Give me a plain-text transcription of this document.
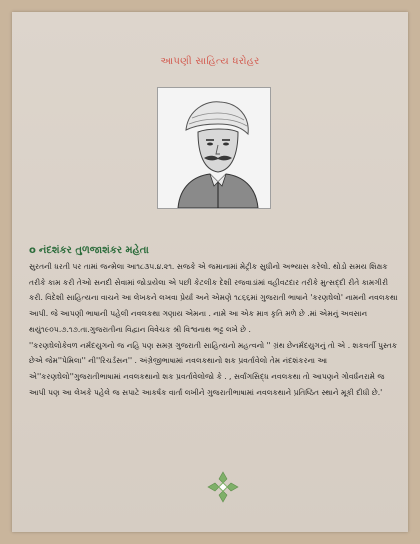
આપણી સાહિત્ય ધરોહર
o નંદશંકર તુળજાશંકર મહેતા

સુરતની ધરતી પર તામાં જન્મેલા આ૧૮૩૫.૪.૨૧. સજકે એ જમાનામાં મેટ્રીક સુધીનો અભ્યાસ કરેલો. થોડો સમય શિક્ષક તરીકે કામ કરી તેઓ સનદી સેવામાં જોડાયેલા એ પછી કેટલીક દેશી રજવાડાંમાં વહીવટદાર તરીકે મુત્સદ્દી રીતે કામગીરી કરી. વિદેશી સાહિત્યના વાચને આ લેખકને લખવા પ્રેર્યા અને એમણે ૧૮૬૬માં ગુજરાતી ભાષાને 'કરણઘેલો' નામની નવલકથા આપી. જે આપણી ભાષાની પહેલી નવલકથા ગણાય એમના . નામે આ એક માત્ર કૃતિ મળે છે .માં એમનું અવસાન થયું૧૯૦૫.૭.૧૭.તા.ગુજરાતીના વિદ્વાન વિવેચક શ્રી વિશ્વનાથ ભટ્ટ લખે છે .

''કરણઘેલોકેવળ નર્મદયુગનો જ નહિ પણ સમગ્ર ગુજરાતી સાહિત્યનો મહત્વનો '' ગ્રંથ છેનર્મદયુગનું તો એ . શકવર્તી પુસ્તક છેએ જેમ''પેમિલા'' ની''રિચર્ડસન'' . અંગ્રેજીભાષામાં નવલકથાનો શક પ્રવર્તાવેલો તેમ નંદશંકરના આ એ''કરણઘેલો''ગુજરાતીભાષામાં નવલકથાનો શક પ્રવર્તાવેલોજો કે . , સર્વાંગસિદ્ધ નવલકથા તો આપણને ગોવર્ધનરામે જ આપી પણ આ લેખકે પહેલે જ સપાટે આકર્ષક વાર્તા લખીને ગુજરાતીભાષામાં નવલકથાને પ્રતિષ્ઠિત સ્થાને મૂકી દીધી છે.'
